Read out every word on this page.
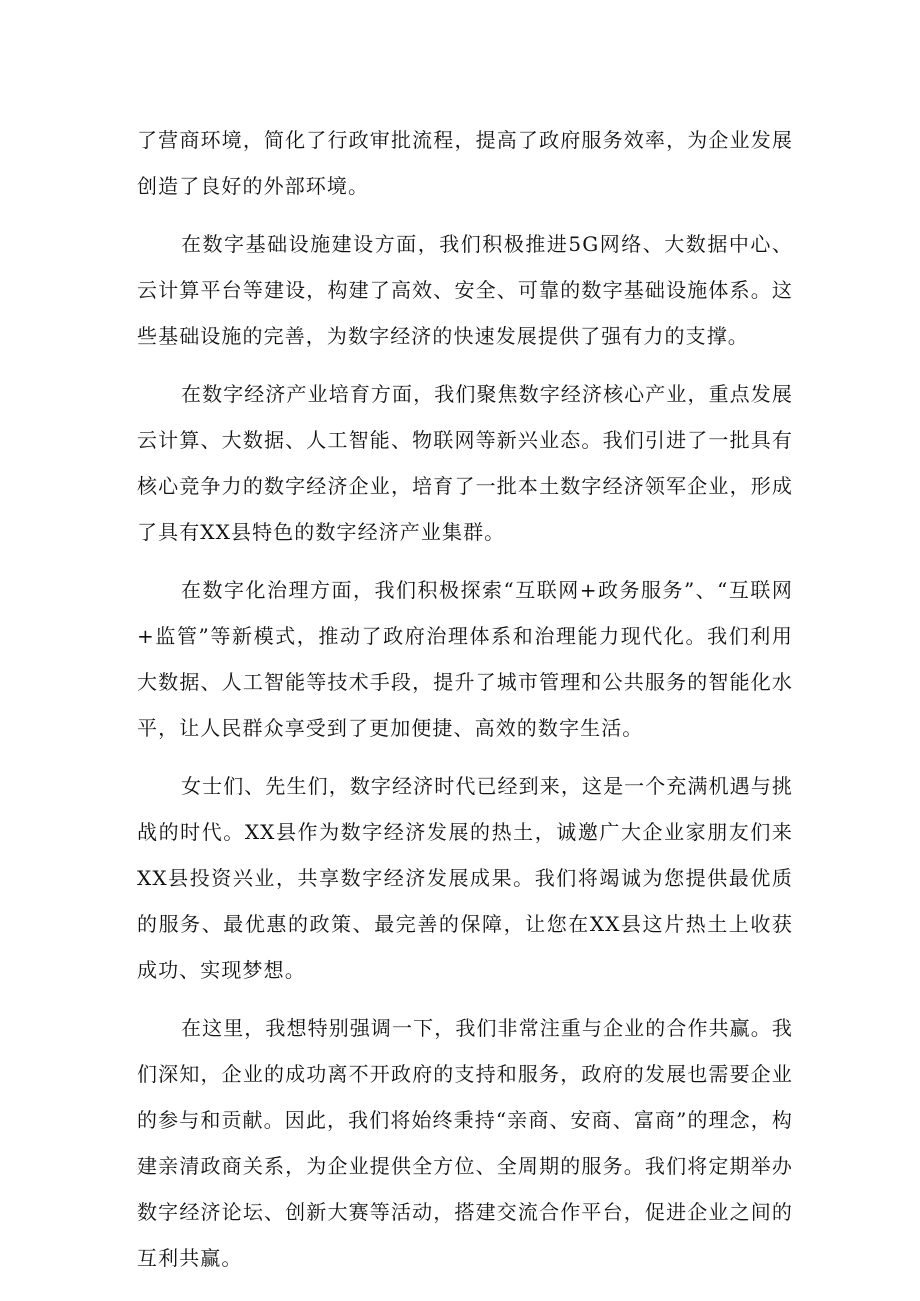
了营商环境，简化了行政审批流程，提高了政府服务效率，为企业发展创造了良好的外部环境。

在数字基础设施建设方面，我们积极推进5G网络、大数据中心、云计算平台等建设，构建了高效、安全、可靠的数字基础设施体系。这些基础设施的完善，为数字经济的快速发展提供了强有力的支撑。

在数字经济产业培育方面，我们聚焦数字经济核心产业，重点发展云计算、大数据、人工智能、物联网等新兴业态。我们引进了一批具有核心竞争力的数字经济企业，培育了一批本土数字经济领军企业，形成了具有XX县特色的数字经济产业集群。

在数字化治理方面，我们积极探索“互联网+政务服务”、“互联网+监管”等新模式，推动了政府治理体系和治理能力现代化。我们利用大数据、人工智能等技术手段，提升了城市管理和公共服务的智能化水平，让人民群众享受到了更加便捷、高效的数字生活。

女士们、先生们，数字经济时代已经到来，这是一个充满机遇与挑战的时代。XX县作为数字经济发展的热土，诚邀广大企业家朋友们来XX县投资兴业，共享数字经济发展成果。我们将竭诚为您提供最优质的服务、最优惠的政策、最完善的保障，让您在XX县这片热土上收获成功、实现梦想。

在这里，我想特别强调一下，我们非常注重与企业的合作共赢。我们深知，企业的成功离不开政府的支持和服务，政府的发展也需要企业的参与和贡献。因此，我们将始终秉持“亲商、安商、富商”的理念，构建亲清政商关系，为企业提供全方位、全周期的服务。我们将定期举办数字经济论坛、创新大赛等活动，搭建交流合作平台，促进企业之间的互利共赢。
